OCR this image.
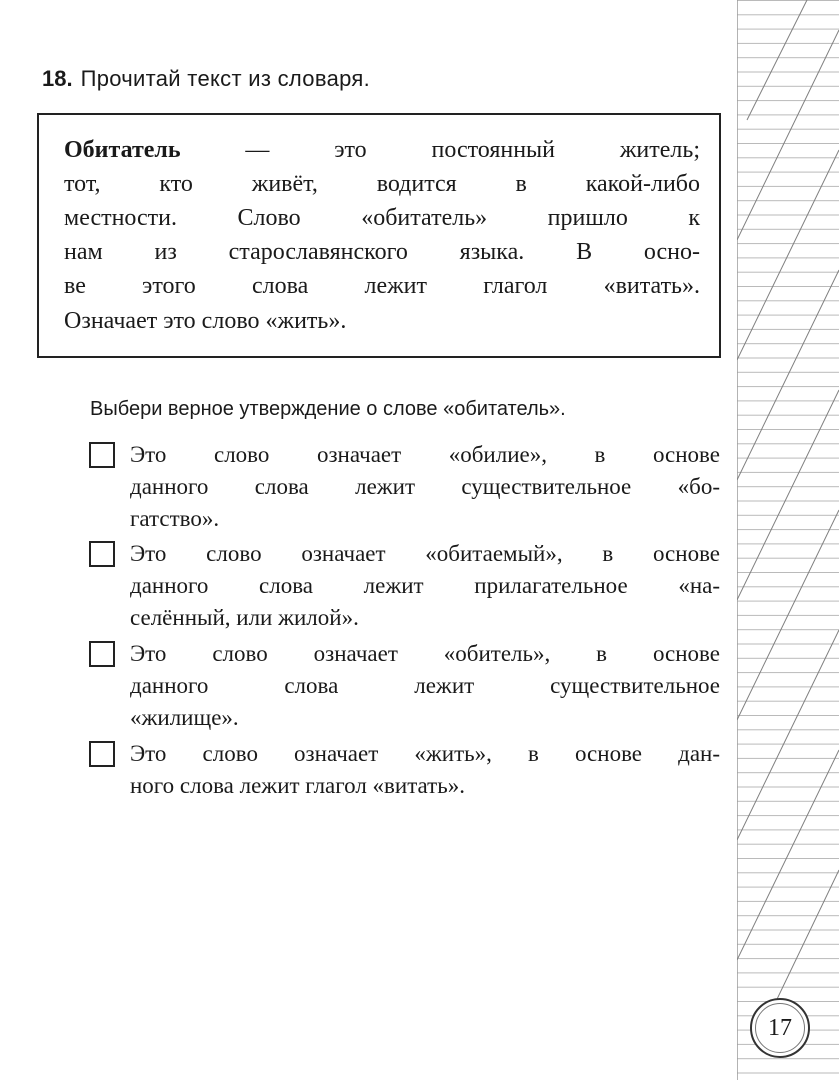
18. Прочитай текст из словаря.
Обитатель — это постоянный житель;
тот, кто живёт, водится в какой-либо
местности. Слово «обитатель» пришло к
нам из старославянского языка. В осно-
ве этого слова лежит глагол «витать».
Означает это слово «жить».
Выбери верное утверждение о слове «обитатель».
Это слово означает «обилие», в основе
данного слова лежит существительное «бо-
гатство».
Это слово означает «обитаемый», в основе
данного слова лежит прилагательное «на-
селённый, или жилой».
Это слово означает «обитель», в основе
данного слова лежит существительное
«жилище».
Это слово означает «жить», в основе дан-
ного слова лежит глагол «витать».
17
